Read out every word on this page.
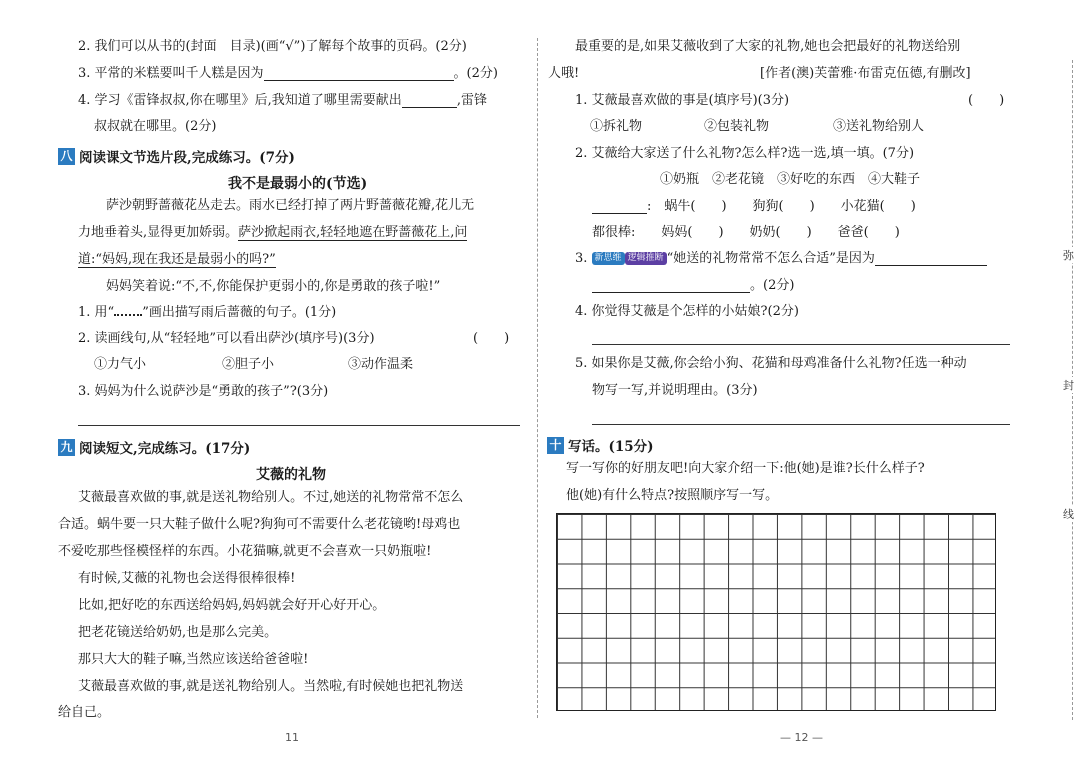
2. 我们可以从书的(封面　目录)(画“√”)了解每个故事的页码。(2分)
3. 平常的米糕要叫千人糕是因为	。(2分)
4. 学习《雷锋叔叔,你在哪里》后,我知道了哪里需要献出	,雷锋
叔叔就在哪里。(2分)
八 阅读课文节选片段,完成练习。(7分)
我不是最弱小的(节选)
萨沙朝野蔷薇花丛走去。雨水已经打掉了两片野蔷薇花瓣,花儿无
力地垂着头,显得更加娇弱。萨沙掀起雨衣,轻轻地遮在野蔷薇花上,问
道:“妈妈,现在我还是最弱小的吗?”
妈妈笑着说:“不,不,你能保护更弱小的,你是勇敢的孩子啦!”
1. 用“ ”画出描写雨后蔷薇的句子。(1分)
2. 读画线句,从“轻轻地”可以看出萨沙(填序号)(3分)	(　　)
①力气小	②胆子小	③动作温柔
3. 妈妈为什么说萨沙是“勇敢的孩子”?(3分)
九 阅读短文,完成练习。(17分)
艾薇的礼物
艾薇最喜欢做的事,就是送礼物给别人。不过,她送的礼物常常不怎么
合适。蜗牛要一只大鞋子做什么呢?狗狗可不需要什么老花镜哟!母鸡也
不爱吃那些怪模怪样的东西。小花猫嘛,就更不会喜欢一只奶瓶啦!
有时候,艾薇的礼物也会送得很棒很棒!
比如,把好吃的东西送给妈妈,妈妈就会好开心好开心。
把老花镜送给奶奶,也是那么完美。
那只大大的鞋子嘛,当然应该送给爸爸啦!
艾薇最喜欢做的事,就是送礼物给别人。当然啦,有时候她也把礼物送
给自己。
11
最重要的是,如果艾薇收到了大家的礼物,她也会把最好的礼物送给别
人哦!	[作者(澳)芙蕾雅·布雷克伍德,有删改]
1. 艾薇最喜欢做的事是(填序号)(3分)	(　　)
①拆礼物	②包装礼物	③送礼物给别人
2. 艾薇给大家送了什么礼物?怎么样?选一选,填一填。(7分)
①奶瓶　②老花镜　③好吃的东西　④大鞋子
:　蜗牛(　　)　　狗狗(　　)　　小花猫(　　)
都很棒:　　妈妈(　　)　　奶奶(　　)　　爸爸(　　)
3. 新思维 逻辑推断 “她送的礼物常常不怎么合适”是因为
。(2分)
4. 你觉得艾薇是个怎样的小姑娘?(2分)
5. 如果你是艾薇,你会给小狗、花猫和母鸡准备什么礼物?任选一种动
物写一写,并说明理由。(3分)
十 写话。(15分)
写一写你的好朋友吧!向大家介绍一下:他(她)是谁?长什么样子?
他(她)有什么特点?按照顺序写一写。
— 12 —
弥
封
线
